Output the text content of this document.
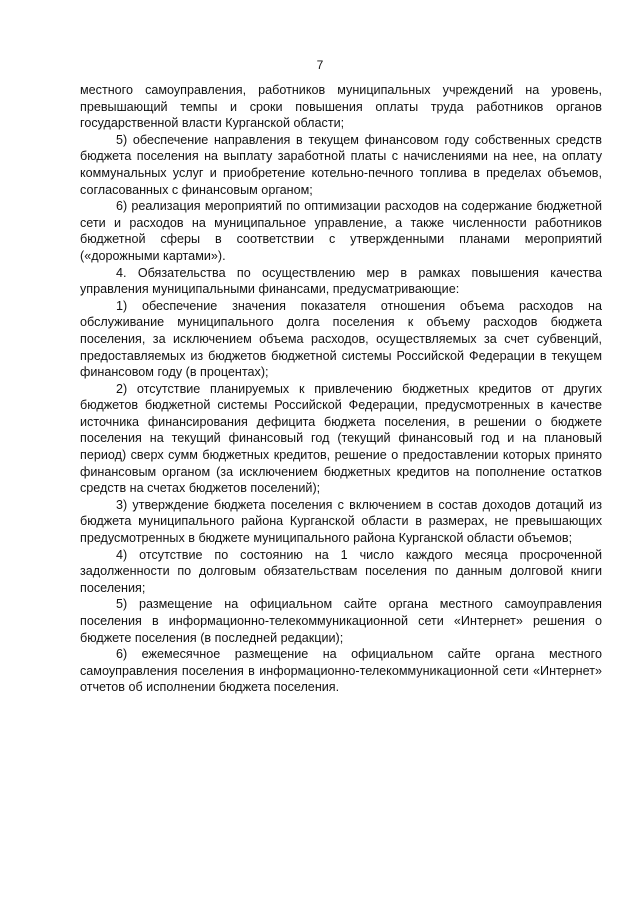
7

местного самоуправления, работников муниципальных учреждений на уровень, превышающий темпы и сроки повышения оплаты труда работников органов государственной власти Курганской области;

5) обеспечение направления в текущем финансовом году собственных средств бюджета поселения на выплату заработной платы с начислениями на нее, на оплату коммунальных услуг и приобретение котельно-печного топлива в пределах объемов, согласованных с финансовым органом;

6) реализация мероприятий по оптимизации расходов на содержание бюджетной сети и расходов на муниципальное управление, а также численности работников бюджетной сферы в соответствии с утвержденными планами мероприятий («дорожными картами»).

4. Обязательства по осуществлению мер в рамках повышения качества управления муниципальными финансами, предусматривающие:

1) обеспечение значения показателя отношения объема расходов на обслуживание муниципального долга поселения к объему расходов бюджета поселения, за исключением объема расходов, осуществляемых за счет субвенций, предоставляемых из бюджетов бюджетной системы Российской Федерации в текущем финансовом году (в процентах);

2) отсутствие планируемых к привлечению бюджетных кредитов от других бюджетов бюджетной системы Российской Федерации, предусмотренных в качестве источника финансирования дефицита бюджета поселения, в решении о бюджете поселения на текущий финансовый год (текущий финансовый год и на плановый период) сверх сумм бюджетных кредитов, решение о предоставлении которых принято финансовым органом (за исключением бюджетных кредитов на пополнение остатков средств на счетах бюджетов поселений);

3) утверждение бюджета поселения с включением в состав доходов дотаций из бюджета муниципального района Курганской области в размерах, не превышающих предусмотренных в бюджете муниципального района Курганской области объемов;

4) отсутствие по состоянию на 1 число каждого месяца просроченной задолженности по долговым обязательствам поселения по данным долговой книги поселения;

5) размещение на официальном сайте органа местного самоуправления поселения в информационно-телекоммуникационной сети «Интернет» решения о бюджете поселения (в последней редакции);

6) ежемесячное размещение на официальном сайте органа местного самоуправления поселения в информационно-телекоммуникационной сети «Интернет» отчетов об исполнении бюджета поселения.
